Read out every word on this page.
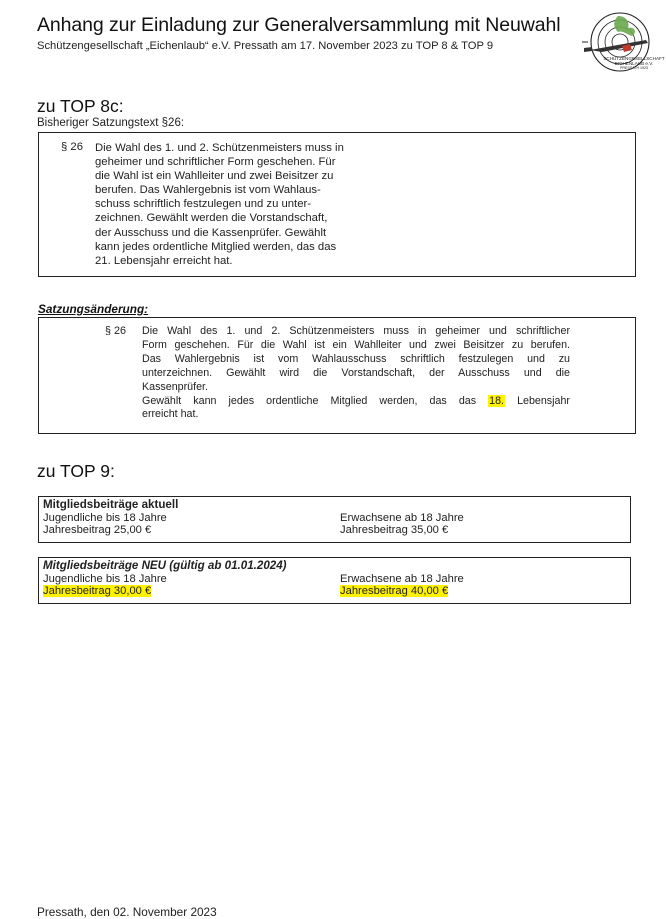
Anhang zur Einladung zur Generalversammlung mit Neuwahl
Schützengesellschaft „Eichenlaub“ e.V. Pressath am 17. November 2023 zu TOP 8 & TOP 9
SCHÜTZENGESELLSCHAFT
EICHENLAUB e.V.
PRESSATH 1923
zu TOP 8c:
Bisheriger Satzungstext §26:
§ 26 Die Wahl des 1. und 2. Schützenmeisters muss in
geheimer und schriftlicher Form geschehen. Für
die Wahl ist ein Wahlleiter und zwei Beisitzer zu
berufen. Das Wahlergebnis ist vom Wahlaus-
schuss schriftlich festzulegen und zu unter-
zeichnen. Gewählt werden die Vorstandschaft,
der Ausschuss und die Kassenprüfer. Gewählt
kann jedes ordentliche Mitglied werden, das das
21. Lebensjahr erreicht hat.
Satzungsänderung:
§ 26 Die Wahl des 1. und 2. Schützenmeisters muss in geheimer und schriftlicher
Form geschehen. Für die Wahl ist ein Wahlleiter und zwei Beisitzer zu berufen.
Das Wahlergebnis ist vom Wahlausschuss schriftlich festzulegen und zu
unterzeichnen. Gewählt wird die Vorstandschaft, der Ausschuss und die
Kassenprüfer.
Gewählt kann jedes ordentliche Mitglied werden, das das 18. Lebensjahr
erreicht hat.
zu TOP 9:
Mitgliedsbeiträge aktuell
Jugendliche bis 18 Jahre	Erwachsene ab 18 Jahre
Jahresbeitrag 25,00 €	Jahresbeitrag 35,00 €
Mitgliedsbeiträge NEU (gültig ab 01.01.2024)
Jugendliche bis 18 Jahre	Erwachsene ab 18 Jahre
Jahresbeitrag 30,00 €	Jahresbeitrag 40,00 €
Pressath, den 02. November 2023
